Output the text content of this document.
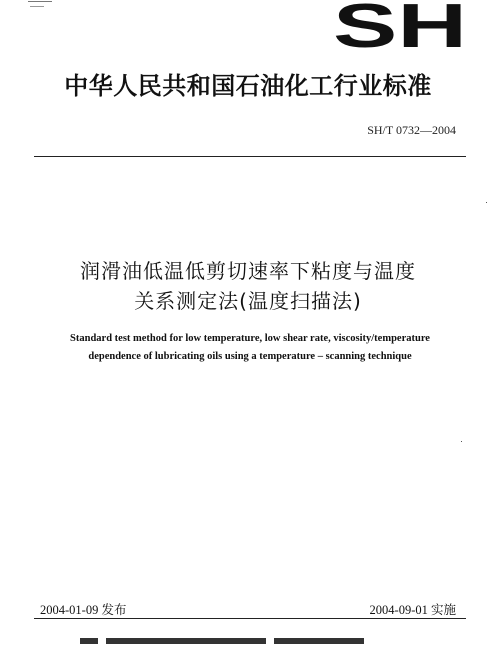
SH
中华人民共和国石油化工行业标准
SH/T 0732—2004
润滑油低温低剪切速率下粘度与温度
关系测定法(温度扫描法)
Standard test method for low temperature, low shear rate, viscosity/temperature
dependence of lubricating oils using a temperature – scanning technique
2004-01-09 发布	2004-09-01 实施
